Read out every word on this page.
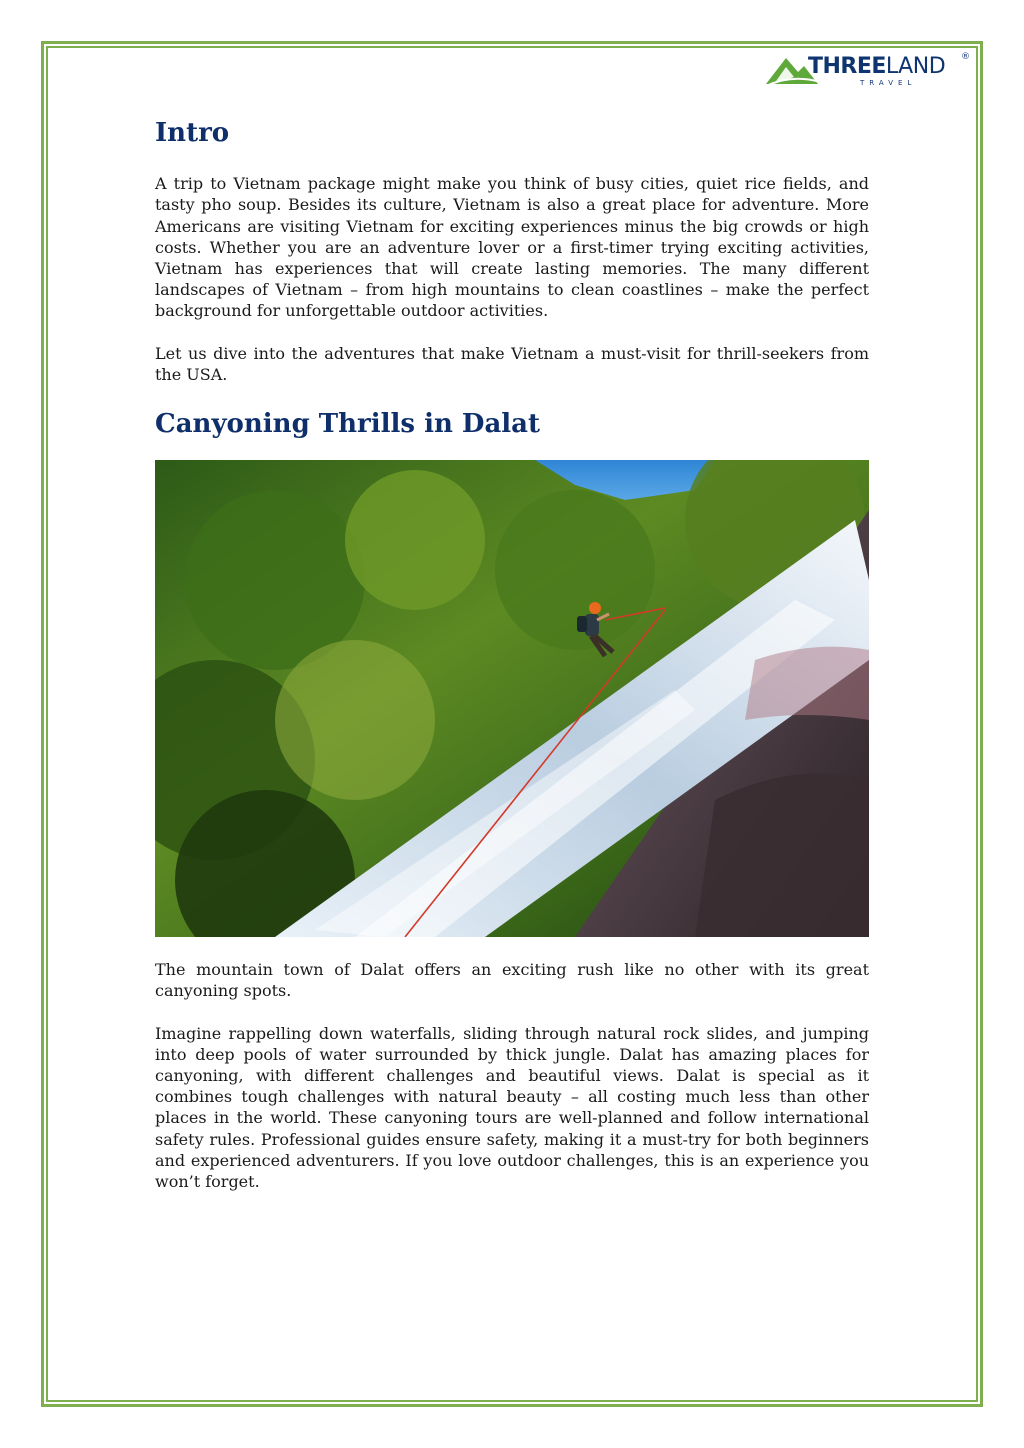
THREELAND ®
TRAVEL
Intro

A trip to Vietnam package might make you think of busy cities, quiet rice fields, and tasty pho soup. Besides its culture, Vietnam is also a great place for adventure. More Americans are visiting Vietnam for exciting experiences minus the big crowds or high costs. Whether you are an adventure lover or a first-timer trying exciting activities, Vietnam has experiences that will create lasting memories. The many different landscapes of Vietnam – from high mountains to clean coastlines – make the perfect background for unforgettable outdoor activities.

Let us dive into the adventures that make Vietnam a must-visit for thrill-seekers from the USA.

Canyoning Thrills in Dalat

The mountain town of Dalat offers an exciting rush like no other with its great canyoning spots.

Imagine rappelling down waterfalls, sliding through natural rock slides, and jumping into deep pools of water surrounded by thick jungle. Dalat has amazing places for canyoning, with different challenges and beautiful views. Dalat is special as it combines tough challenges with natural beauty – all costing much less than other places in the world. These canyoning tours are well-planned and follow international safety rules. Professional guides ensure safety, making it a must-try for both beginners and experienced adventurers. If you love outdoor challenges, this is an experience you won’t forget.
